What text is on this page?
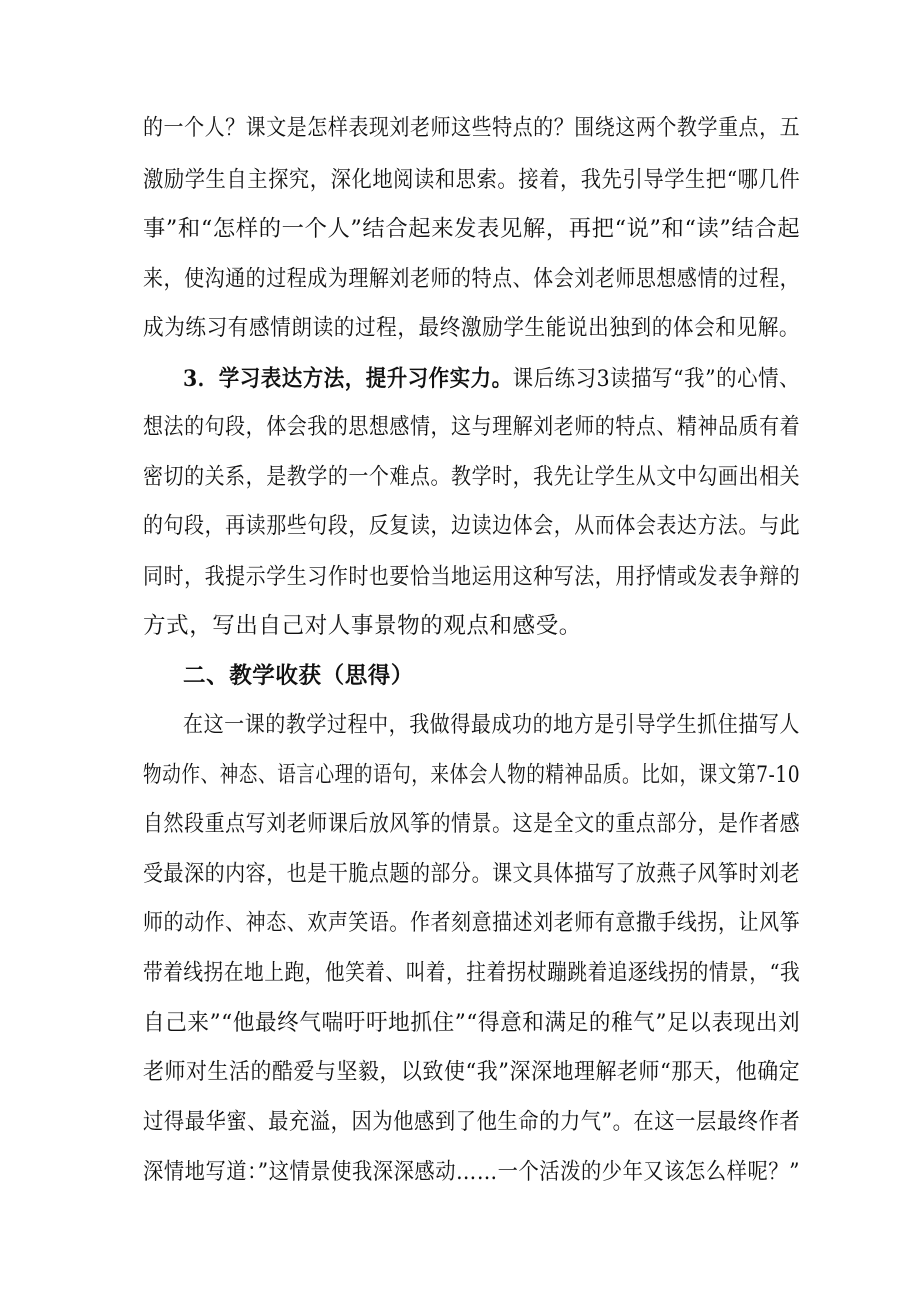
的一个人？课文是怎样表现刘老师这些特点的？围绕这两个教学重点，五
激励学生自主探究，深化地阅读和思索。接着，我先引导学生把“哪几件
事”和“怎样的一个人”结合起来发表见解，再把“说”和“读”结合起
来，使沟通的过程成为理解刘老师的特点、体会刘老师思想感情的过程，
成为练习有感情朗读的过程，最终激励学生能说出独到的体会和见解。
3．学习表达方法，提升习作实力。课后练习3读描写“我”的心情、
想法的句段，体会我的思想感情，这与理解刘老师的特点、精神品质有着
密切的关系，是教学的一个难点。教学时，我先让学生从文中勾画出相关
的句段，再读那些句段，反复读，边读边体会，从而体会表达方法。与此
同时，我提示学生习作时也要恰当地运用这种写法，用抒情或发表争辩的
方式，写出自己对人事景物的观点和感受。
二、教学收获（思得）
在这一课的教学过程中，我做得最成功的地方是引导学生抓住描写人
物动作、神态、语言心理的语句，来体会人物的精神品质。比如，课文第7-10
自然段重点写刘老师课后放风筝的情景。这是全文的重点部分，是作者感
受最深的内容，也是干脆点题的部分。课文具体描写了放燕子风筝时刘老
师的动作、神态、欢声笑语。作者刻意描述刘老师有意撒手线拐，让风筝
带着线拐在地上跑，他笑着、叫着，拄着拐杖蹦跳着追逐线拐的情景，“我
自己来”“他最终气喘吁吁地抓住”“得意和满足的稚气”足以表现出刘
老师对生活的酷爱与坚毅，以致使“我”深深地理解老师“那天，他确定
过得最华蜜、最充溢，因为他感到了他生命的力气”。在这一层最终作者
深情地写道：”这情景使我深深感动……一个活泼的少年又该怎么样呢？”
